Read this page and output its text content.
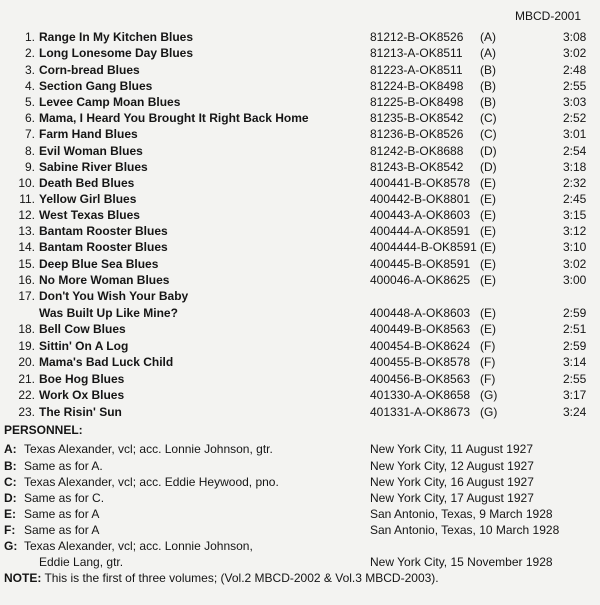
MBCD-2001
1. Range In My Kitchen Blues	81212-B-OK8526 (A)	3:08
2. Long Lonesome Day Blues	81213-A-OK8511 (A)	3:02
3. Corn-bread Blues	81223-A-OK8511 (B)	2:48
4. Section Gang Blues	81224-B-OK8498 (B)	2:55
5. Levee Camp Moan Blues	81225-B-OK8498 (B)	3:03
6. Mama, I Heard You Brought It Right Back Home	81235-B-OK8542 (C)	2:52
7. Farm Hand Blues	81236-B-OK8526 (C)	3:01
8. Evil Woman Blues	81242-B-OK8688 (D)	2:54
9. Sabine River Blues	81243-B-OK8542 (D)	3:18
10. Death Bed Blues	400441-B-OK8578 (E)	2:32
11. Yellow Girl Blues	400442-B-OK8801 (E)	2:45
12. West Texas Blues	400443-A-OK8603 (E)	3:15
13. Bantam Rooster Blues	400444-A-OK8591 (E)	3:12
14. Bantam Rooster Blues	4004444-B-OK8591 (E)	3:10
15. Deep Blue Sea Blues	400445-B-OK8591 (E)	3:02
16. No More Woman Blues	400046-A-OK8625 (E)	3:00
17. Don't You Wish Your Baby
Was Built Up Like Mine?	400448-A-OK8603 (E)	2:59
18. Bell Cow Blues	400449-B-OK8563 (E)	2:51
19. Sittin' On A Log	400454-B-OK8624 (F)	2:59
20. Mama's Bad Luck Child	400455-B-OK8578 (F)	3:14
21. Boe Hog Blues	400456-B-OK8563 (F)	2:55
22. Work Ox Blues	401330-A-OK8658 (G)	3:17
23. The Risin' Sun	401331-A-OK8673 (G)	3:24
PERSONNEL:
A: Texas Alexander, vcl; acc. Lonnie Johnson, gtr.	New York City, 11 August 1927
B: Same as for A.	New York City, 12 August 1927
C: Texas Alexander, vcl; acc. Eddie Heywood, pno.	New York City, 16 August 1927
D: Same as for C.	New York City, 17 August 1927
E: Same as for A	San Antonio, Texas, 9 March 1928
F: Same as for A	San Antonio, Texas, 10 March 1928
G: Texas Alexander, vcl; acc. Lonnie Johnson,
Eddie Lang, gtr.	New York City, 15 November 1928
NOTE: This is the first of three volumes; (Vol.2 MBCD-2002 & Vol.3 MBCD-2003).
